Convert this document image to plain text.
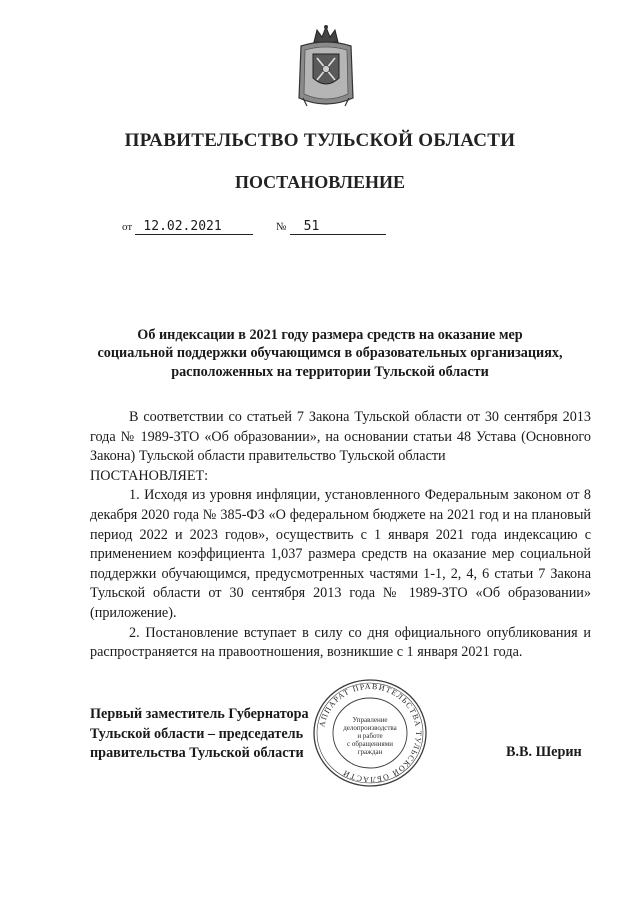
ПРАВИТЕЛЬСТВО ТУЛЬСКОЙ ОБЛАСТИ
ПОСТАНОВЛЕНИЕ
от 12.02.2021	№ 51
Об индексации в 2021 году размера средств на оказание мер
социальной поддержки обучающимся в образовательных организациях,
расположенных на территории Тульской области

В соответствии со статьей 7 Закона Тульской области от 30 сентября 2013 года № 1989-ЗТО «Об образовании», на основании статьи 48 Устава (Основного Закона) Тульской области правительство Тульской области

ПОСТАНОВЛЯЕТ:

1. Исходя из уровня инфляции, установленного Федеральным законом от 8 декабря 2020 года № 385-ФЗ «О федеральном бюджете на 2021 год и на плановый период 2022 и 2023 годов», осуществить с 1 января 2021 года индексацию с применением коэффициента 1,037 размера средств на оказание мер социальной поддержки обучающимся, предусмотренных частями 1-1, 2, 4, 6 статьи 7 Закона Тульской области от 30 сентября 2013 года № 1989-ЗТО «Об образовании» (приложение).

2. Постановление вступает в силу со дня официального опубликования и распространяется на правоотношения, возникшие с 1 января 2021 года.

АППАРАТ ПРАВИТЕЛЬСТВА ТУЛЬСКОЙ ОБЛАСТИ
Управление
делопроизводства
и работе
с обращениями
граждан
Первый заместитель Губернатора
Тульской области – председатель
правительства Тульской области	В.В. Шерин
